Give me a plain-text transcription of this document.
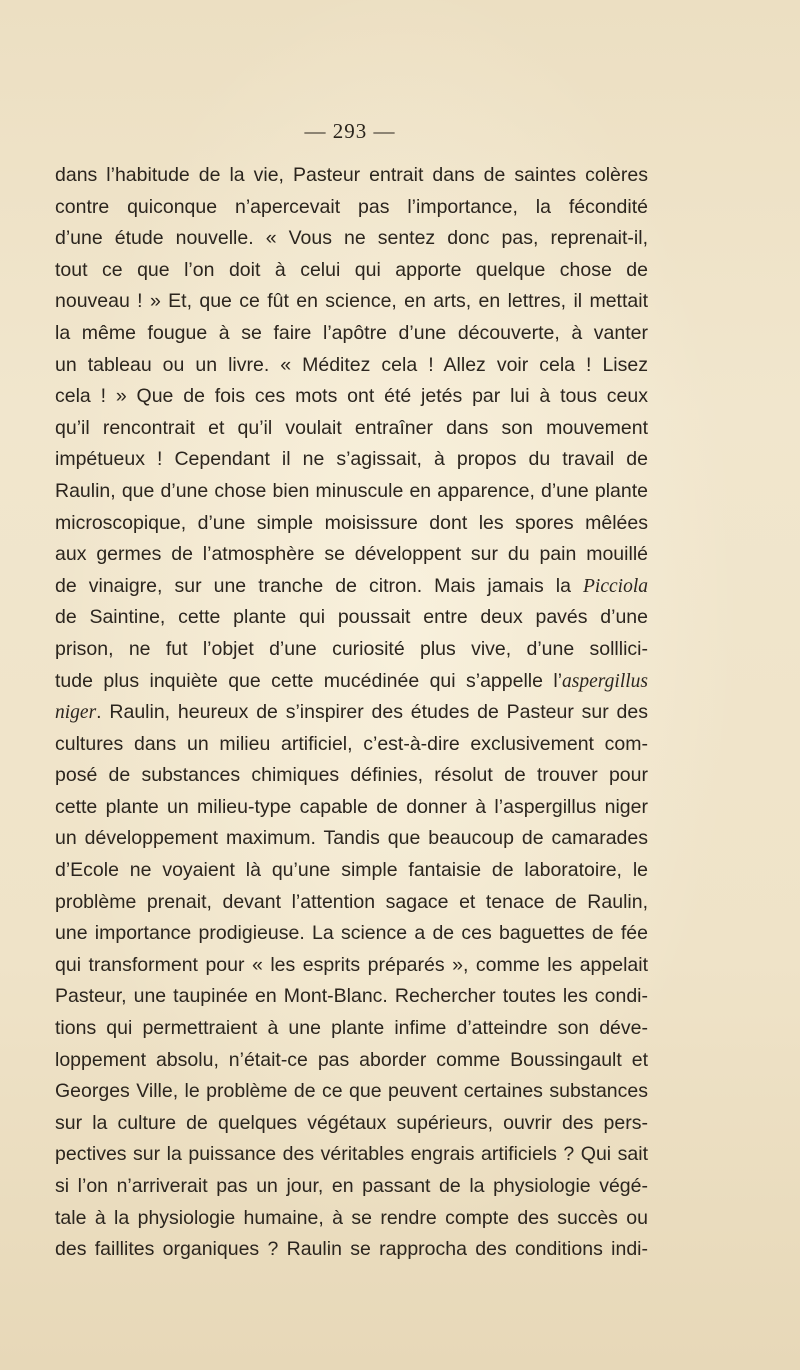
— 293 —
dans l’habitude de la vie, Pasteur entrait dans de saintes colères
contre quiconque n’apercevait pas l’importance, la fécondité
d’une étude nouvelle. « Vous ne sentez donc pas, reprenait-il,
tout ce que l’on doit à celui qui apporte quelque chose de
nouveau ! » Et, que ce fût en science, en arts, en lettres, il mettait
la même fougue à se faire l’apôtre d’une découverte, à vanter
un tableau ou un livre. « Méditez cela ! Allez voir cela ! Lisez
cela ! » Que de fois ces mots ont été jetés par lui à tous ceux
qu’il rencontrait et qu’il voulait entraîner dans son mouvement
impétueux ! Cependant il ne s’agissait, à propos du travail de
Raulin, que d’une chose bien minuscule en apparence, d’une plante
microscopique, d’une simple moisissure dont les spores mêlées
aux germes de l’atmosphère se développent sur du pain mouillé
de vinaigre, sur une tranche de citron. Mais jamais la Picciola
de Saintine, cette plante qui poussait entre deux pavés d’une
prison, ne fut l’objet d’une curiosité plus vive, d’une solllici-
tude plus inquiète que cette mucédinée qui s’appelle l’aspergillus
niger. Raulin, heureux de s’inspirer des études de Pasteur sur des
cultures dans un milieu artificiel, c’est-à-dire exclusivement com-
posé de substances chimiques définies, résolut de trouver pour
cette plante un milieu-type capable de donner à l’aspergillus niger
un développement maximum. Tandis que beaucoup de camarades
d’Ecole ne voyaient là qu’une simple fantaisie de laboratoire, le
problème prenait, devant l’attention sagace et tenace de Raulin,
une importance prodigieuse. La science a de ces baguettes de fée
qui transforment pour « les esprits préparés », comme les appelait
Pasteur, une taupinée en Mont-Blanc. Rechercher toutes les condi-
tions qui permettraient à une plante infime d’atteindre son déve-
loppement absolu, n’était-ce pas aborder comme Boussingault et
Georges Ville, le problème de ce que peuvent certaines substances
sur la culture de quelques végétaux supérieurs, ouvrir des pers-
pectives sur la puissance des véritables engrais artificiels ? Qui sait
si l’on n’arriverait pas un jour, en passant de la physiologie végé-
tale à la physiologie humaine, à se rendre compte des succès ou
des faillites organiques ? Raulin se rapprocha des conditions indi-
